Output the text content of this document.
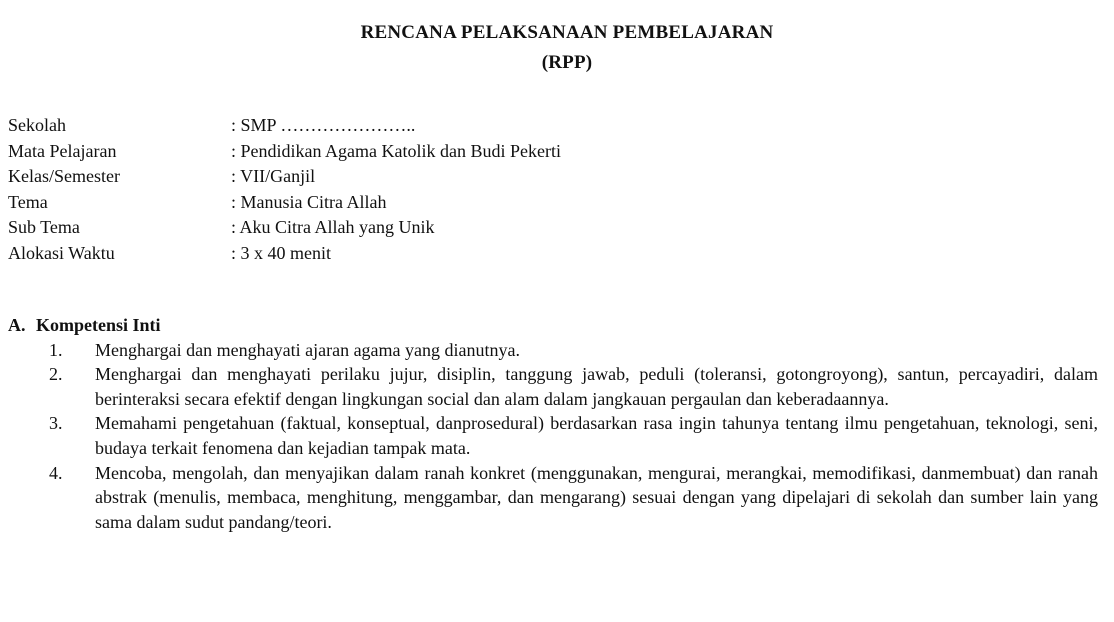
RENCANA PELAKSANAAN PEMBELAJARAN
(RPP)
Sekolah	: SMP …………………..
Mata Pelajaran	: Pendidikan Agama Katolik dan Budi Pekerti
Kelas/Semester	: VII/Ganjil
Tema	: Manusia Citra Allah
Sub Tema	: Aku Citra Allah yang Unik
Alokasi Waktu	: 3 x 40 menit
A. Kompetensi Inti
1.	Menghargai dan menghayati ajaran agama yang dianutnya.
2.	Menghargai dan menghayati perilaku jujur, disiplin, tanggung jawab, peduli (toleransi, gotongroyong), santun, percayadiri, dalam berinteraksi secara efektif dengan lingkungan social dan alam dalam jangkauan pergaulan dan keberadaannya.
3.	Memahami pengetahuan (faktual, konseptual, danprosedural) berdasarkan rasa ingin tahunya tentang ilmu pengetahuan, teknologi, seni, budaya terkait fenomena dan kejadian tampak mata.
4.	Mencoba, mengolah, dan menyajikan dalam ranah konkret (menggunakan, mengurai, merangkai, memodifikasi, danmembuat) dan ranah abstrak (menulis, membaca, menghitung, menggambar, dan mengarang) sesuai dengan yang dipelajari di sekolah dan sumber lain yang sama dalam sudut pandang/teori.
